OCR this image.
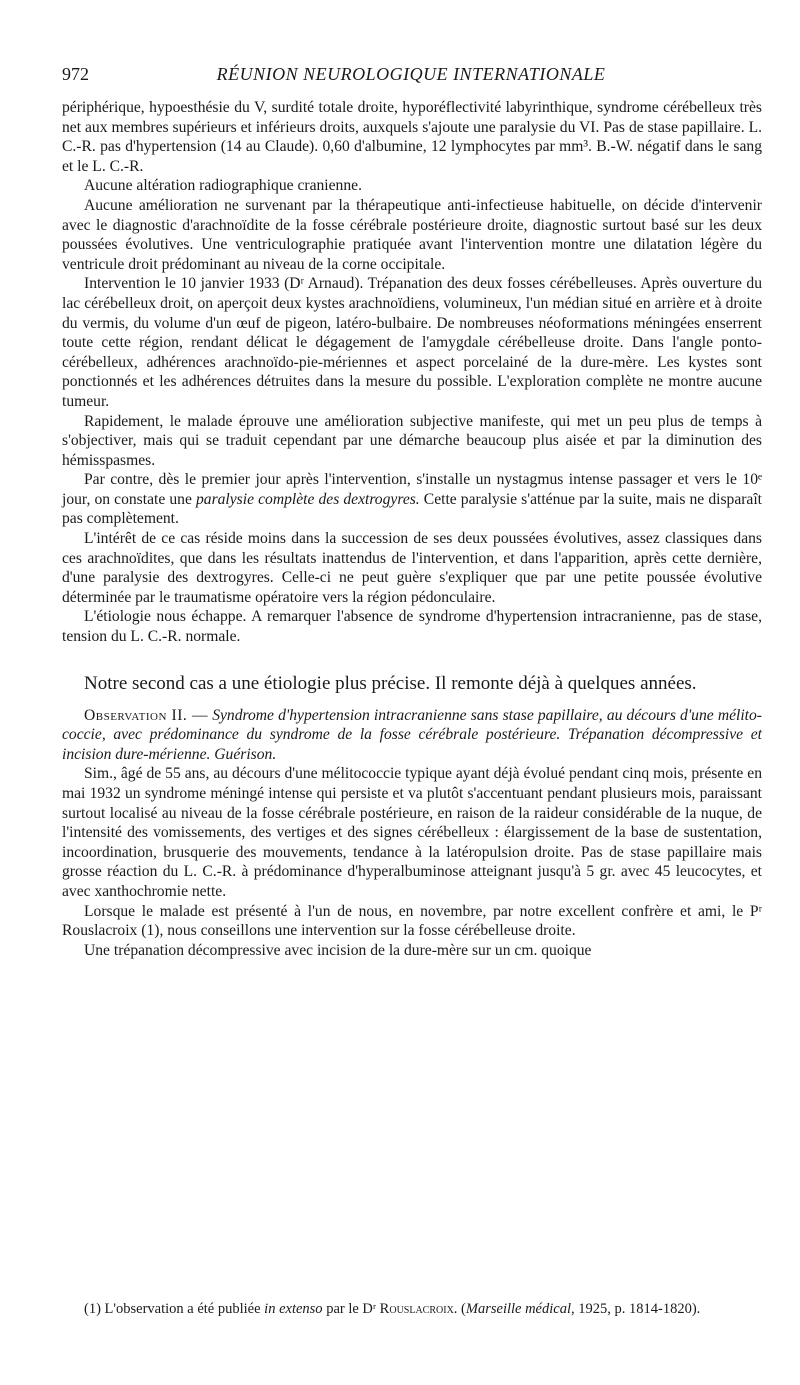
972	RÉUNION NEUROLOGIQUE INTERNATIONALE

périphérique, hypoesthésie du V, surdité totale droite, hyporéflectivité labyrinthique, syndrome cérébelleux très net aux membres supérieurs et inférieurs droits, auxquels s'ajoute une paralysie du VI. Pas de stase papillaire. L. C.-R. pas d'hypertension (14 au Claude). 0,60 d'albumine, 12 lymphocytes par mm³. B.-W. négatif dans le sang et le L. C.-R.

Aucune altération radiographique cranienne.

Aucune amélioration ne survenant par la thérapeutique anti-infectieuse habituelle, on décide d'intervenir avec le diagnostic d'arachnoïdite de la fosse cérébrale postérieure droite, diagnostic surtout basé sur les deux poussées évolutives. Une ventriculographie pratiquée avant l'intervention montre une dilatation légère du ventricule droit prédominant au niveau de la corne occipitale.

Intervention le 10 janvier 1933 (Dʳ Arnaud). Trépanation des deux fosses cérébelleuses. Après ouverture du lac cérébelleux droit, on aperçoit deux kystes arachnoïdiens, volumineux, l'un médian situé en arrière et à droite du vermis, du volume d'un œuf de pigeon, latéro-bulbaire. De nombreuses néoformations méningées enserrent toute cette région, rendant délicat le dégagement de l'amygdale cérébelleuse droite. Dans l'angle ponto-cérébelleux, adhérences arachnoïdo-pie-mériennes et aspect porcelainé de la dure-mère. Les kystes sont ponctionnés et les adhérences détruites dans la mesure du possible. L'exploration complète ne montre aucune tumeur.

Rapidement, le malade éprouve une amélioration subjective manifeste, qui met un peu plus de temps à s'objectiver, mais qui se traduit cependant par une démarche beaucoup plus aisée et par la diminution des hémisspasmes.

Par contre, dès le premier jour après l'intervention, s'installe un nystagmus intense passager et vers le 10ᵉ jour, on constate une paralysie complète des dextrogyres. Cette paralysie s'atténue par la suite, mais ne disparaît pas complètement.

L'intérêt de ce cas réside moins dans la succession de ses deux poussées évolutives, assez classiques dans ces arachnoïdites, que dans les résultats inattendus de l'intervention, et dans l'apparition, après cette dernière, d'une paralysie des dextrogyres. Celle-ci ne peut guère s'expliquer que par une petite poussée évolutive déterminée par le traumatisme opératoire vers la région pédonculaire.

L'étiologie nous échappe. A remarquer l'absence de syndrome d'hypertension intracranienne, pas de stase, tension du L. C.-R. normale.

Notre second cas a une étiologie plus précise. Il remonte déjà à quelques années.

Observation II. — Syndrome d'hypertension intracranienne sans stase papillaire, au décours d'une mélito-coccie, avec prédominance du syndrome de la fosse cérébrale postérieure. Trépanation décompressive et incision dure-mérienne. Guérison.

Sim., âgé de 55 ans, au décours d'une mélitococcie typique ayant déjà évolué pendant cinq mois, présente en mai 1932 un syndrome méningé intense qui persiste et va plutôt s'accentuant pendant plusieurs mois, paraissant surtout localisé au niveau de la fosse cérébrale postérieure, en raison de la raideur considérable de la nuque, de l'intensité des vomissements, des vertiges et des signes cérébelleux : élargissement de la base de sustentation, incoordination, brusquerie des mouvements, tendance à la latéropulsion droite. Pas de stase papillaire mais grosse réaction du L. C.-R. à prédominance d'hyperalbuminose atteignant jusqu'à 5 gr. avec 45 leucocytes, et avec xanthochromie nette.

Lorsque le malade est présenté à l'un de nous, en novembre, par notre excellent confrère et ami, le Pʳ Rouslacroix (1), nous conseillons une intervention sur la fosse cérébelleuse droite.

Une trépanation décompressive avec incision de la dure-mère sur un cm. quoique

(1) L'observation a été publiée in extenso par le Dʳ Rouslacroix. (Marseille médical, 1925, p. 1814-1820).
